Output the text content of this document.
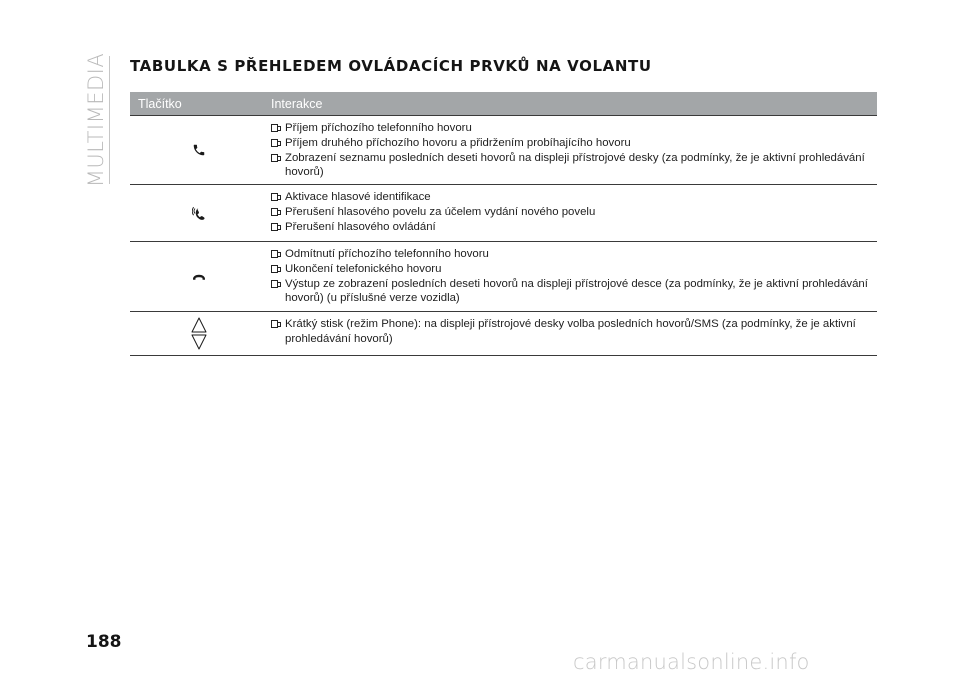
MULTIMEDIA TABULKA S PŘEHLEDEM OVLÁDACÍCH PRVKŮ NA VOLANTU
Tlačítko	Interakce
Příjem příchozího telefonního hovoru
Příjem druhého příchozího hovoru a přidržením probíhajícího hovoru
Zobrazení seznamu posledních deseti hovorů na displeji přístrojové desky (za podmínky, že je aktivní prohledávání hovorů)
Aktivace hlasové identifikace
Přerušení hlasového povelu za účelem vydání nového povelu
Přerušení hlasového ovládání
Odmítnutí příchozího telefonního hovoru
Ukončení telefonického hovoru
Výstup ze zobrazení posledních deseti hovorů na displeji přístrojové desce (za podmínky, že je aktivní prohledávání hovorů) (u příslušné verze vozidla)
Krátký stisk (režim Phone): na displeji přístrojové desky volba posledních hovorů/SMS (za podmínky, že je aktivní prohledávání hovorů)
188
carmanualsonline.info
